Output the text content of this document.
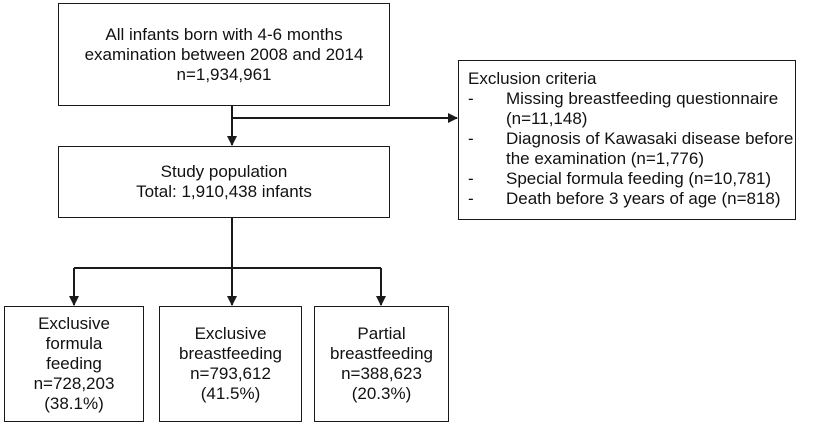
All infants born with 4-6 months
examination between 2008 and 2014
n=1,934,961
Study population
Total: 1,910,438 infants
Exclusion criteria
- Missing breastfeeding questionnaire
(n=11,148)
- Diagnosis of Kawasaki disease before
the examination (n=1,776)
- Special formula feeding (n=10,781)
- Death before 3 years of age (n=818)
Exclusive
formula
feeding
n=728,203
(38.1%)
Exclusive
breastfeeding
n=793,612
(41.5%)
Partial
breastfeeding
n=388,623
(20.3%)
